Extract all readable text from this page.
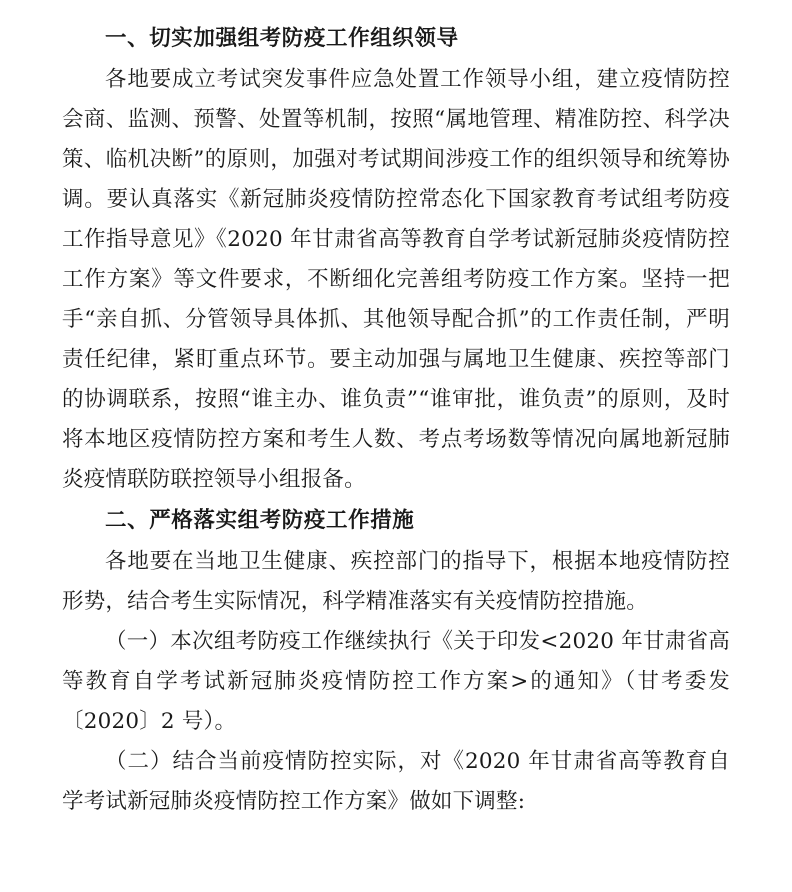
一、切实加强组考防疫工作组织领导

各地要成立考试突发事件应急处置工作领导小组，建立疫情防控会商、监测、预警、处置等机制，按照“属地管理、精准防控、科学决策、临机决断”的原则，加强对考试期间涉疫工作的组织领导和统筹协调。要认真落实《新冠肺炎疫情防控常态化下国家教育考试组考防疫工作指导意见》《2020 年甘肃省高等教育自学考试新冠肺炎疫情防控工作方案》等文件要求，不断细化完善组考防疫工作方案。坚持一把手“亲自抓、分管领导具体抓、其他领导配合抓”的工作责任制，严明责任纪律，紧盯重点环节。要主动加强与属地卫生健康、疾控等部门的协调联系，按照“谁主办、谁负责”“谁审批，谁负责”的原则，及时将本地区疫情防控方案和考生人数、考点考场数等情况向属地新冠肺炎疫情联防联控领导小组报备。

二、严格落实组考防疫工作措施

各地要在当地卫生健康、疾控部门的指导下，根据本地疫情防控形势，结合考生实际情况，科学精准落实有关疫情防控措施。

（一）本次组考防疫工作继续执行《关于印发<2020 年甘肃省高等教育自学考试新冠肺炎疫情防控工作方案>的通知》（甘考委发〔2020〕2 号）。

（二）结合当前疫情防控实际，对《2020 年甘肃省高等教育自学考试新冠肺炎疫情防控工作方案》做如下调整:
